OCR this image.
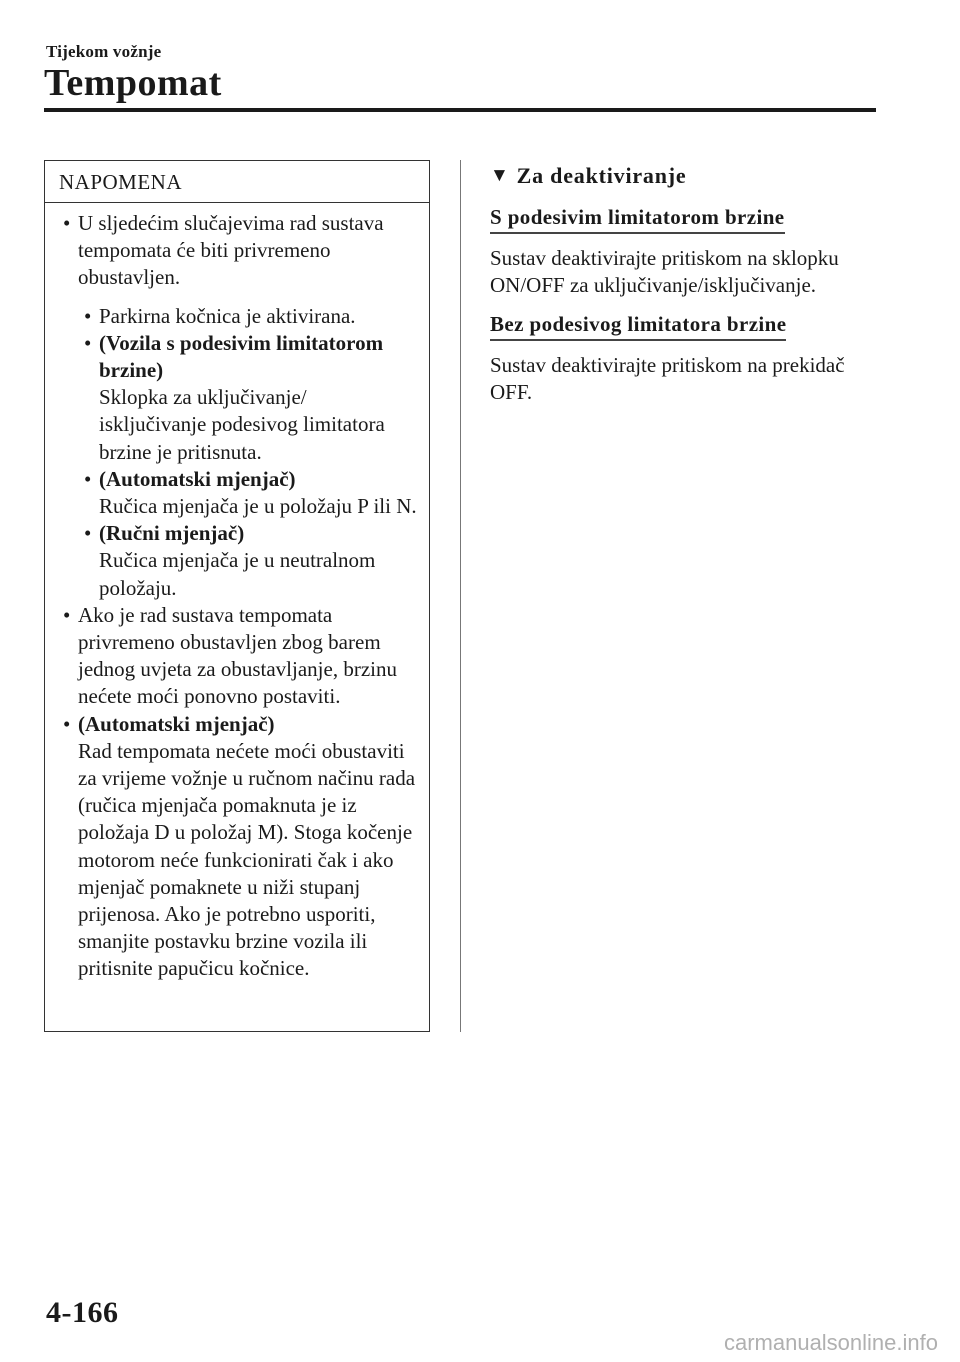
Tijekom vožnje
Tempomat
NAPOMENA
• U sljedećim slučajevima rad sustava tempomata će biti privremeno obustavljen.
• Parkirna kočnica je aktivirana.
• (Vozila s podesivim limitatorom brzine)
Sklopka za uključivanje/ isključivanje podesivog limitatora brzine je pritisnuta.
• (Automatski mjenjač)
Ručica mjenjača je u položaju P ili N.
• (Ručni mjenjač)
Ručica mjenjača je u neutralnom položaju.
• Ako je rad sustava tempomata privremeno obustavljen zbog barem jednog uvjeta za obustavljanje, brzinu nećete moći ponovno postaviti.
• (Automatski mjenjač)
Rad tempomata nećete moći obustaviti za vrijeme vožnje u ručnom načinu rada (ručica mjenjača pomaknuta je iz položaja D u položaj M). Stoga kočenje motorom neće funkcionirati čak i ako mjenjač pomaknete u niži stupanj prijenosa. Ako je potrebno usporiti, smanjite postavku brzine vozila ili pritisnite papučicu kočnice.
▼ Za deaktiviranje
S podesivim limitatorom brzine
Sustav deaktivirajte pritiskom na sklopku ON/OFF za uključivanje/isključivanje.
Bez podesivog limitatora brzine
Sustav deaktivirajte pritiskom na prekidač OFF.
4-166
carmanualsonline.info
